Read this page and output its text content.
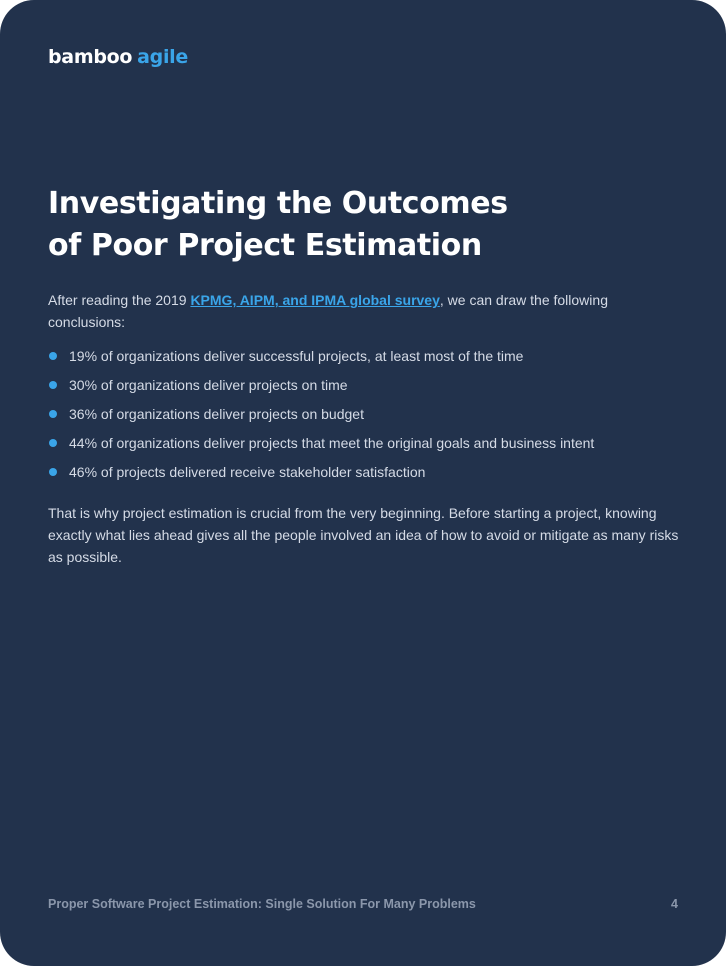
bamboo agile
Investigating the Outcomes
of Poor Project Estimation

After reading the 2019 KPMG, AIPM, and IPMA global survey, we can draw the following conclusions:

19% of organizations deliver successful projects, at least most of the time
30% of organizations deliver projects on time
36% of organizations deliver projects on budget
44% of organizations deliver projects that meet the original goals and business intent
46% of projects delivered receive stakeholder satisfaction

That is why project estimation is crucial from the very beginning. Before starting a project, knowing exactly what lies ahead gives all the people involved an idea of how to avoid or mitigate as many risks as possible.

Proper Software Project Estimation: Single Solution For Many Problems	4
